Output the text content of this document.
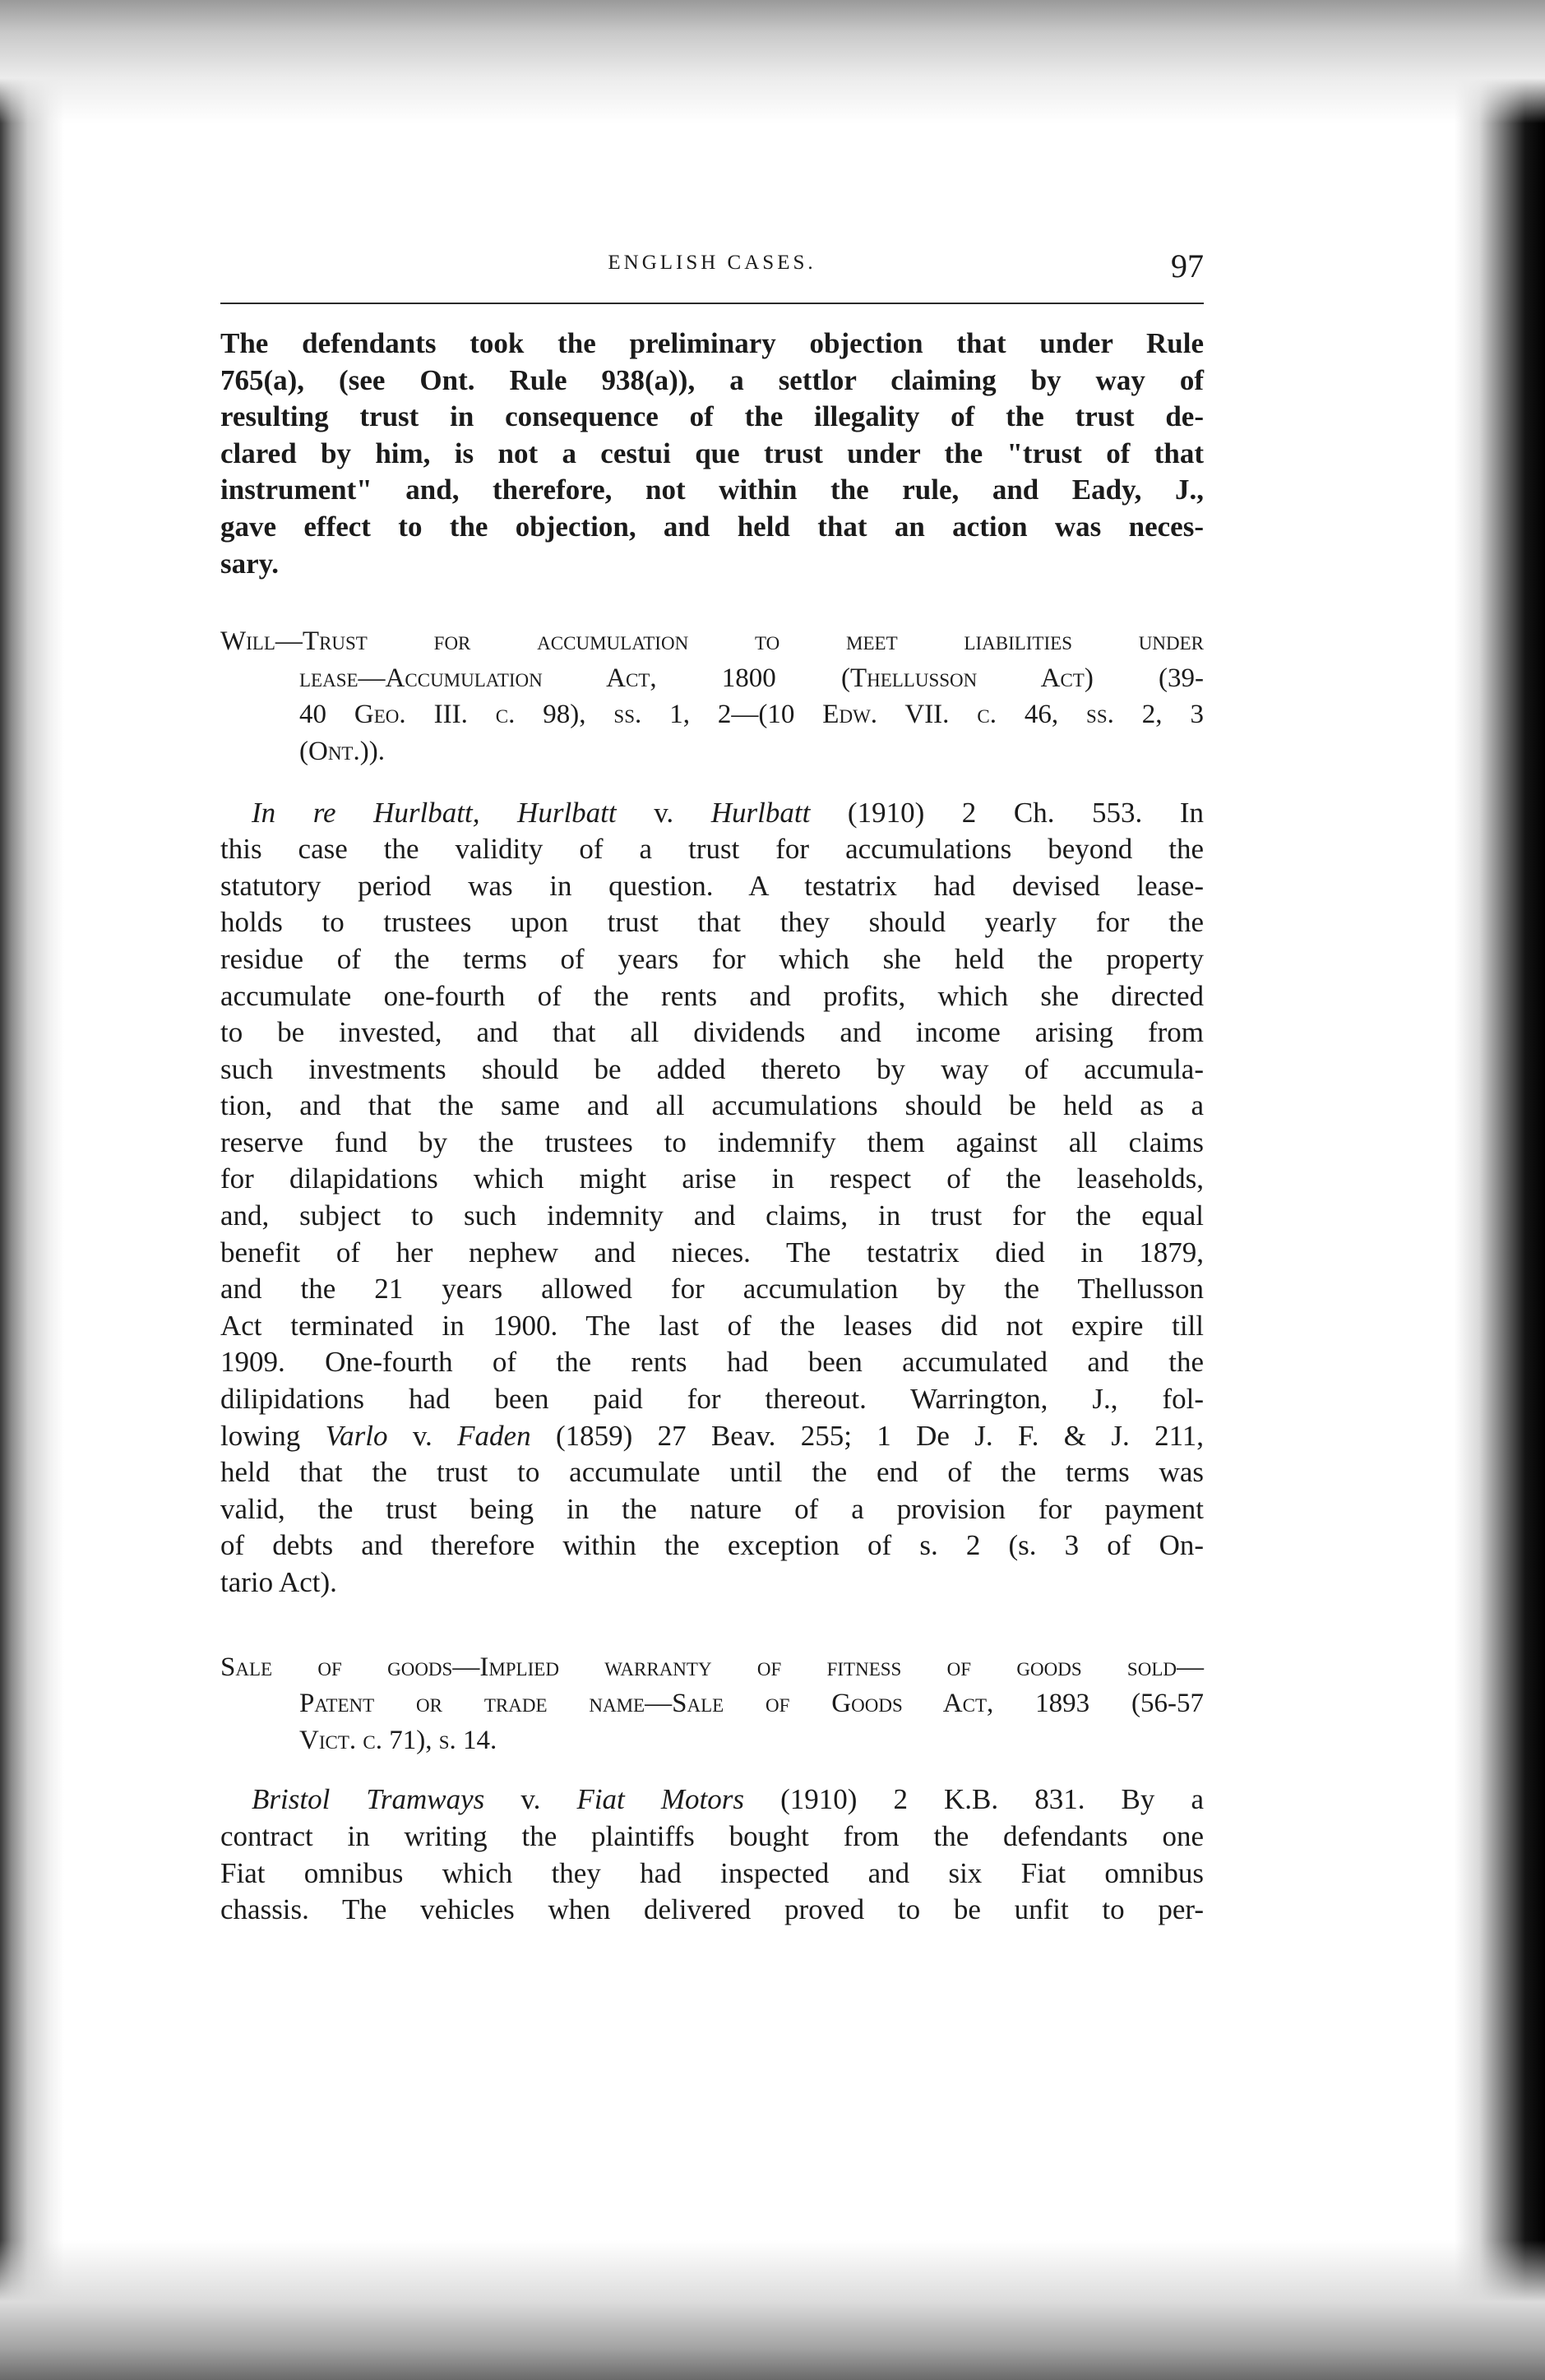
ENGLISH CASES.	97
The defendants took the preliminary objection that under Rule
765(a), (see Ont. Rule 938(a)), a settlor claiming by way of
resulting trust in consequence of the illegality of the trust de-
clared by him, is not a cestui que trust under the "trust of that
instrument" and, therefore, not within the rule, and Eady, J.,
gave effect to the objection, and held that an action was neces-
sary.
Will—Trust for accumulation to meet liabilities under
lease—Accumulation Act, 1800 (Thellusson Act) (39-
40 Geo. III. c. 98), ss. 1, 2—(10 Edw. VII. c. 46, ss. 2, 3
(Ont.)).
In re Hurlbatt, Hurlbatt v. Hurlbatt (1910) 2 Ch. 553. In
this case the validity of a trust for accumulations beyond the
statutory period was in question. A testatrix had devised lease-
holds to trustees upon trust that they should yearly for the
residue of the terms of years for which she held the property
accumulate one-fourth of the rents and profits, which she directed
to be invested, and that all dividends and income arising from
such investments should be added thereto by way of accumula-
tion, and that the same and all accumulations should be held as a
reserve fund by the trustees to indemnify them against all claims
for dilapidations which might arise in respect of the leaseholds,
and, subject to such indemnity and claims, in trust for the equal
benefit of her nephew and nieces. The testatrix died in 1879,
and the 21 years allowed for accumulation by the Thellusson
Act terminated in 1900. The last of the leases did not expire till
1909. One-fourth of the rents had been accumulated and the
dilipidations had been paid for thereout. Warrington, J., fol-
lowing Varlo v. Faden (1859) 27 Beav. 255; 1 De J. F. & J. 211,
held that the trust to accumulate until the end of the terms was
valid, the trust being in the nature of a provision for payment
of debts and therefore within the exception of s. 2 (s. 3 of On-
tario Act).
Sale of goods—Implied warranty of fitness of goods sold—
Patent or trade name—Sale of Goods Act, 1893 (56-57
Vict. c. 71), s. 14.
Bristol Tramways v. Fiat Motors (1910) 2 K.B. 831. By a
contract in writing the plaintiffs bought from the defendants one
Fiat omnibus which they had inspected and six Fiat omnibus
chassis. The vehicles when delivered proved to be unfit to per-
